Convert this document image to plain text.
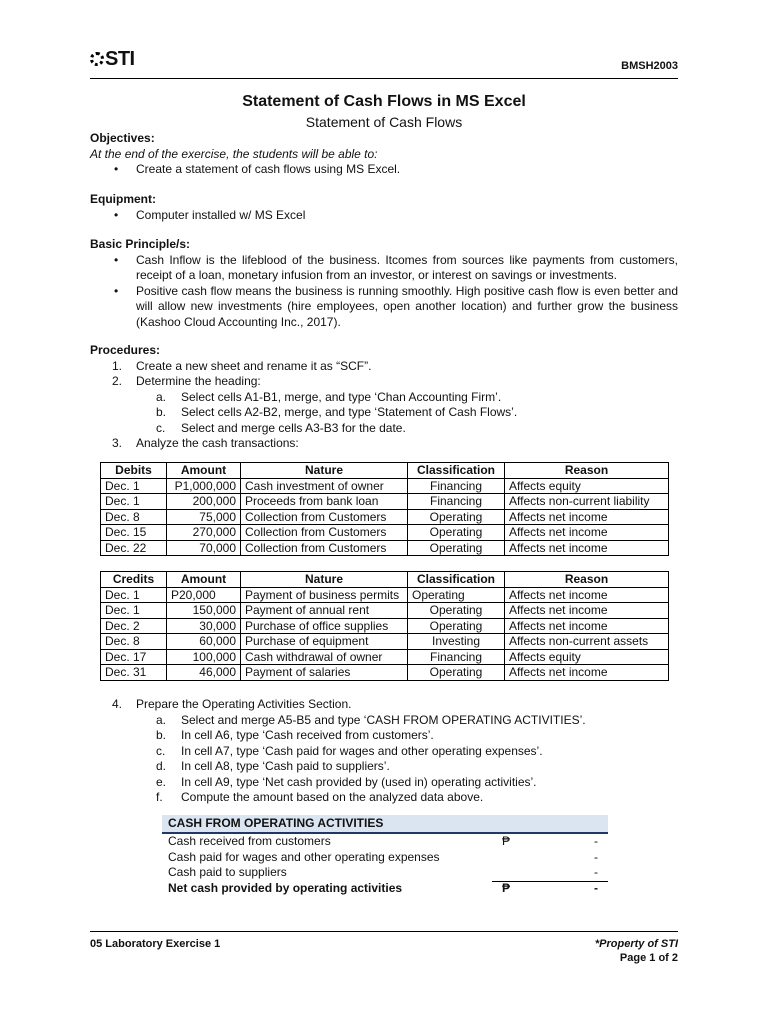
STI	BMSH2003
Statement of Cash Flows in MS Excel
Statement of Cash Flows
Objectives:
At the end of the exercise, the students will be able to:
• Create a statement of cash flows using MS Excel.
Equipment:
• Computer installed w/ MS Excel
Basic Principle/s:
• Cash Inflow is the lifeblood of the business. Itcomes from sources like payments from customers, receipt of a loan, monetary infusion from an investor, or interest on savings or investments.
• Positive cash flow means the business is running smoothly. High positive cash flow is even better and will allow new investments (hire employees, open another location) and further grow the business (Kashoo Cloud Accounting Inc., 2017).
Procedures:
1. Create a new sheet and rename it as “SCF”.
2. Determine the heading:
a. Select cells A1-B1, merge, and type ‘Chan Accounting Firm’.
b. Select cells A2-B2, merge, and type ‘Statement of Cash Flows’.
c. Select and merge cells A3-B3 for the date.
3. Analyze the cash transactions:
Debits	Amount	Nature	Classification	Reason
Dec. 1	P1,000,000	Cash investment of owner	Financing	Affects equity
Dec. 1	200,000	Proceeds from bank loan	Financing	Affects non-current liability
Dec. 8	75,000	Collection from Customers	Operating	Affects net income
Dec. 15	270,000	Collection from Customers	Operating	Affects net income
Dec. 22	70,000	Collection from Customers	Operating	Affects net income
Credits	Amount	Nature	Classification	Reason
Dec. 1	P20,000	Payment of business permits	Operating	Affects net income
Dec. 1	150,000	Payment of annual rent	Operating	Affects net income
Dec. 2	30,000	Purchase of office supplies	Operating	Affects net income
Dec. 8	60,000	Purchase of equipment	Investing	Affects non-current assets
Dec. 17	100,000	Cash withdrawal of owner	Financing	Affects equity
Dec. 31	46,000	Payment of salaries	Operating	Affects net income
4. Prepare the Operating Activities Section.
a. Select and merge A5-B5 and type ‘CASH FROM OPERATING ACTIVITIES’.
b. In cell A6, type ‘Cash received from customers’.
c. In cell A7, type ‘Cash paid for wages and other operating expenses’.
d. In cell A8, type ‘Cash paid to suppliers’.
e. In cell A9, type ‘Net cash provided by (used in) operating activities’.
f. Compute the amount based on the analyzed data above.
CASH FROM OPERATING ACTIVITIES
Cash received from customers	₱	-
Cash paid for wages and other operating expenses	-
Cash paid to suppliers	-
Net cash provided by operating activities	₱	-
05 Laboratory Exercise 1	*Property of STI
Page 1 of 2
